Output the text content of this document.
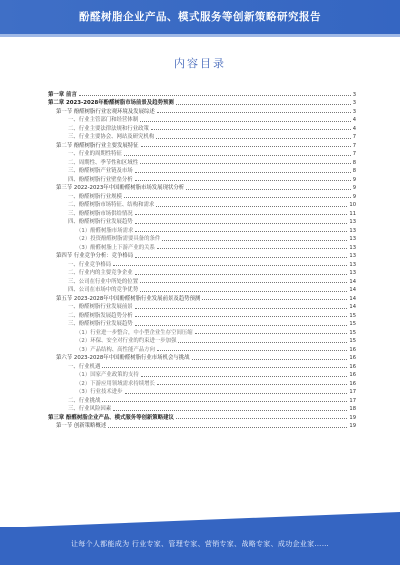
酚醛树脂企业产品、模式服务等创新策略研究报告
内容目录
第一章 前言	3
第二章 2023-2028年酚醛树脂市场前景及趋势预测	3
第一节 酚醛树脂行业宏观环境及发展综述	3
一、行业主管部门和经营体制	4
二、行业主要法律法规和行业政策	4
三、行业主要协会、网站及研究机构	7
第二节 酚醛树脂行业主要发展特征	7
一、行业的周期性特征	7
二、周期性、季节性和区域性	8
三、酚醛树脂产业链及市场	8
四、酚醛树脂行业壁垒分析	9
第三节 2022-2023年中国酚醛树脂市场发展现状分析	9
一、酚醛树脂行业规模	9
二、酚醛树脂市场特征、结构和需求	10
三、酚醛树脂市场供给情况	11
四、酚醛树脂行业发展趋势	13
（1）酚醛树脂市场需求	13
（2）投资酚醛树脂需要具备的条件	13
（3）酚醛树脂上下游产业的关系	13
第四节 行业竞争分析：竞争格局	13
一、行业竞争格局	13
二、行业内的主要竞争企业	13
三、公司在行业中所处的位置	14
四、公司在市场中的竞争优势	14
第五节 2023-2028年中国酚醛树脂行业发展前景及趋势预测	14
一、酚醛树脂行业发展前景	14
二、酚醛树脂发展趋势分析	15
三、酚醛树脂行业发展趋势	15
（1）行业进一步整合，中小型企业生存空间压缩	15
（2）环保、安全对行业的约束进一步加强	15
（3）产品结构、高性能产品方向	16
第六节 2023-2028年中国酚醛树脂行业市场机会与挑战	16
一、行业机遇	16
（1）国家产业政策的支持	16
（2）下游应用领域需求持续增长	16
（3）行业技术进步	17
二、行业挑战	17
三、行业风险因素	18
第三章 酚醛树脂企业产品、模式服务等创新策略建议	19
第一节 创新策略概述	19
让每个人都能成为 行业专家、管理专家、营销专家、战略专家、成功企业家……
